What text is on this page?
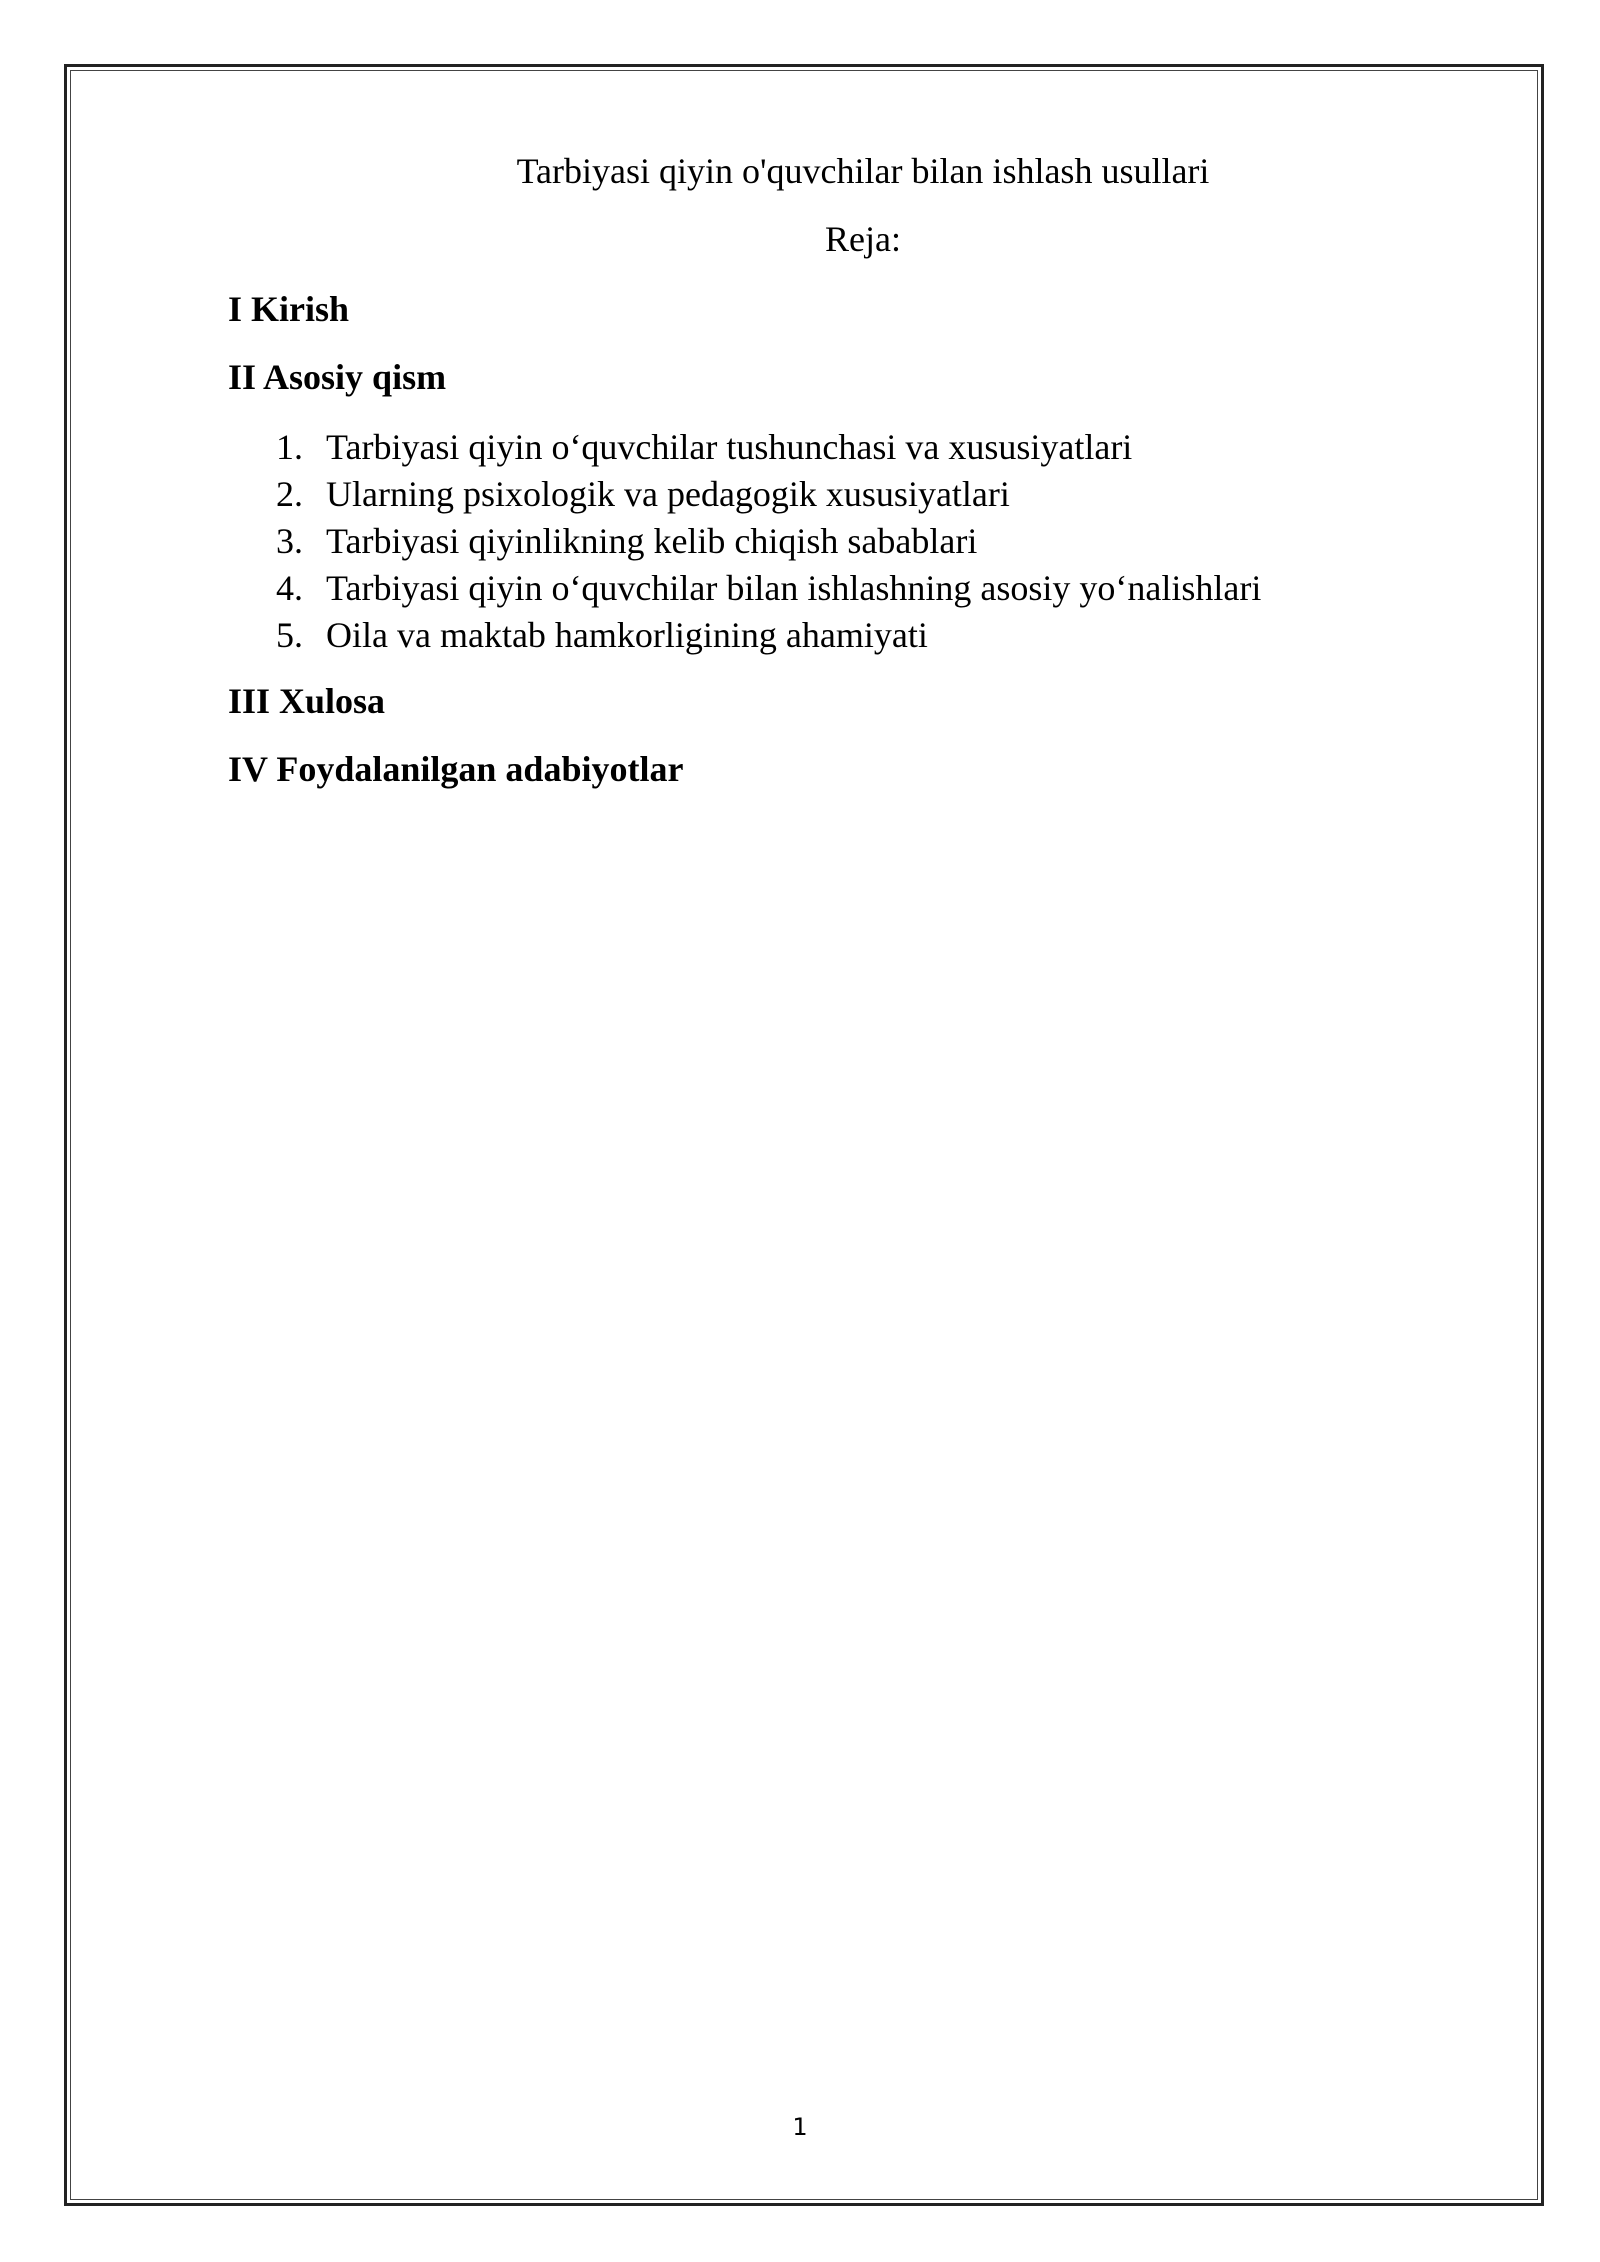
Tarbiyasi qiyin o'quvchilar bilan ishlash usullari
Reja:
I Kirish
II Asosiy qism
1. Tarbiyasi qiyin o‘quvchilar tushunchasi va xususiyatlari
2. Ularning psixologik va pedagogik xususiyatlari
3. Tarbiyasi qiyinlikning kelib chiqish sabablari
4. Tarbiyasi qiyin o‘quvchilar bilan ishlashning asosiy yo‘nalishlari
5. Oila va maktab hamkorligining ahamiyati
III Xulosa
IV Foydalanilgan adabiyotlar
1
